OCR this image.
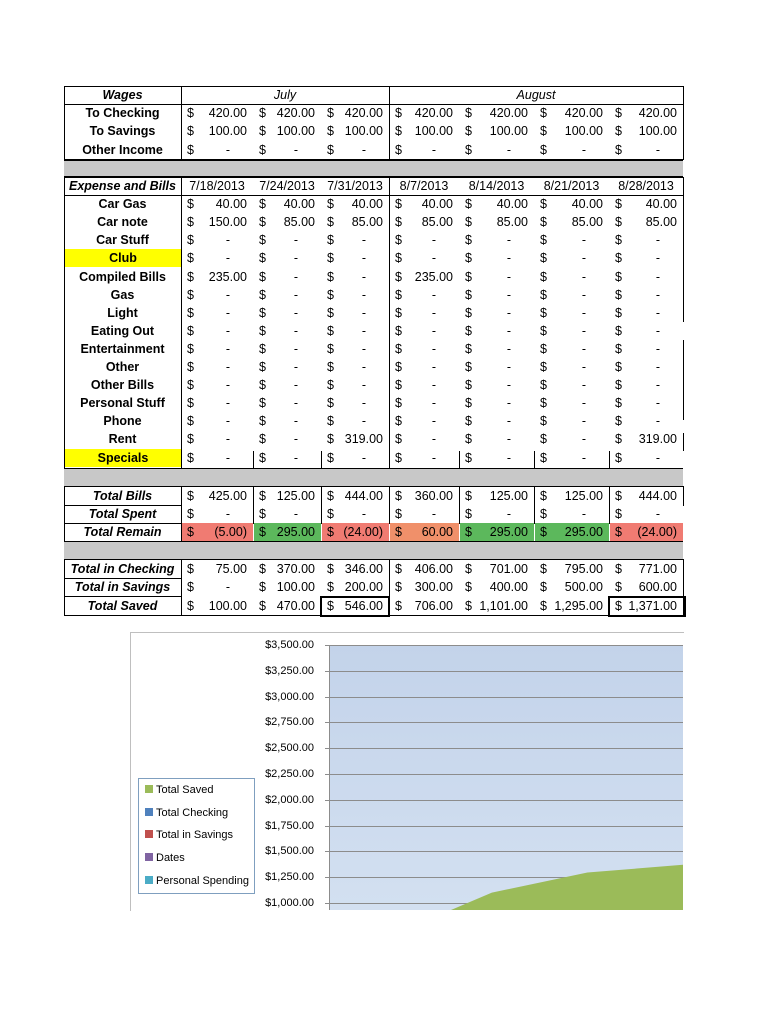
Wages	July	August
To Checking	$	420.00 $ 420.00 $ 420.00 $	420.00 $	420.00 $	420.00 $	420.00
To Savings	$	100.00 $ 100.00 $ 100.00 $	100.00 $	100.00 $	100.00 $	100.00
Other Income	$	- $	- $	- $	- $	- $	- $	-
Expense and Bills	7/18/2013	7/24/2013 7/31/2013	8/7/2013	8/14/2013	8/21/2013	8/28/2013
Car Gas	$	40.00 $	40.00 $	40.00 $	40.00 $	40.00 $	40.00 $	40.00
Car note	$	150.00 $	85.00 $	85.00 $	85.00 $	85.00 $	85.00 $	85.00
Car Stuff	$	- $	- $	- $	- $	- $	- $	-
Club	$	- $	- $	- $	- $	- $	- $	-
Compiled Bills	$	235.00 $	- $	- $	235.00 $	- $	- $	-
Gas	$	- $	- $	- $	- $	- $	- $	-
Light	$	- $	- $	- $	- $	- $	- $	-
Eating Out	$	- $	- $	- $	- $	- $	- $	-
Entertainment	$	- $	- $	- $	- $	- $	- $	-
Other	$	- $	- $	- $	- $	- $	- $	-
Other Bills	$	- $	- $	- $	- $	- $	- $	-
Personal Stuff	$	- $	- $	- $	- $	- $	- $	-
Phone	$	- $	- $	- $	- $	- $	- $	-
Rent	$	- $	- $ 319.00 $	- $	- $	- $	319.00
Specials	$	- $	- $	- $	- $	- $	- $	-
Total Bills	$	425.00 $ 125.00 $ 444.00 $	360.00 $	125.00 $	125.00 $	444.00
Total Spent	$	- $	- $	- $	- $	- $	- $	-
Total Remain	$	(5.00) $ 295.00 $ (24.00) $	60.00 $	295.00 $	295.00 $	(24.00)
Total in Checking	$	75.00 $ 370.00 $ 346.00 $	406.00 $	701.00 $	795.00 $	771.00
Total in Savings	$	- $ 100.00 $ 200.00 $	300.00 $	400.00 $	500.00 $	600.00
Total Saved	$	100.00 $ 470.00 $ 546.00 $	706.00 $ 1,101.00 $ 1,295.00 $ 1,371.00
$3,500.00
$3,250.00
$3,000.00
$2,750.00
$2,500.00
$2,250.00
$2,000.00
$1,750.00
$1,500.00
$1,250.00
$1,000.00
Total Saved
Total Checking
Total in Savings
Dates
Personal Spending
